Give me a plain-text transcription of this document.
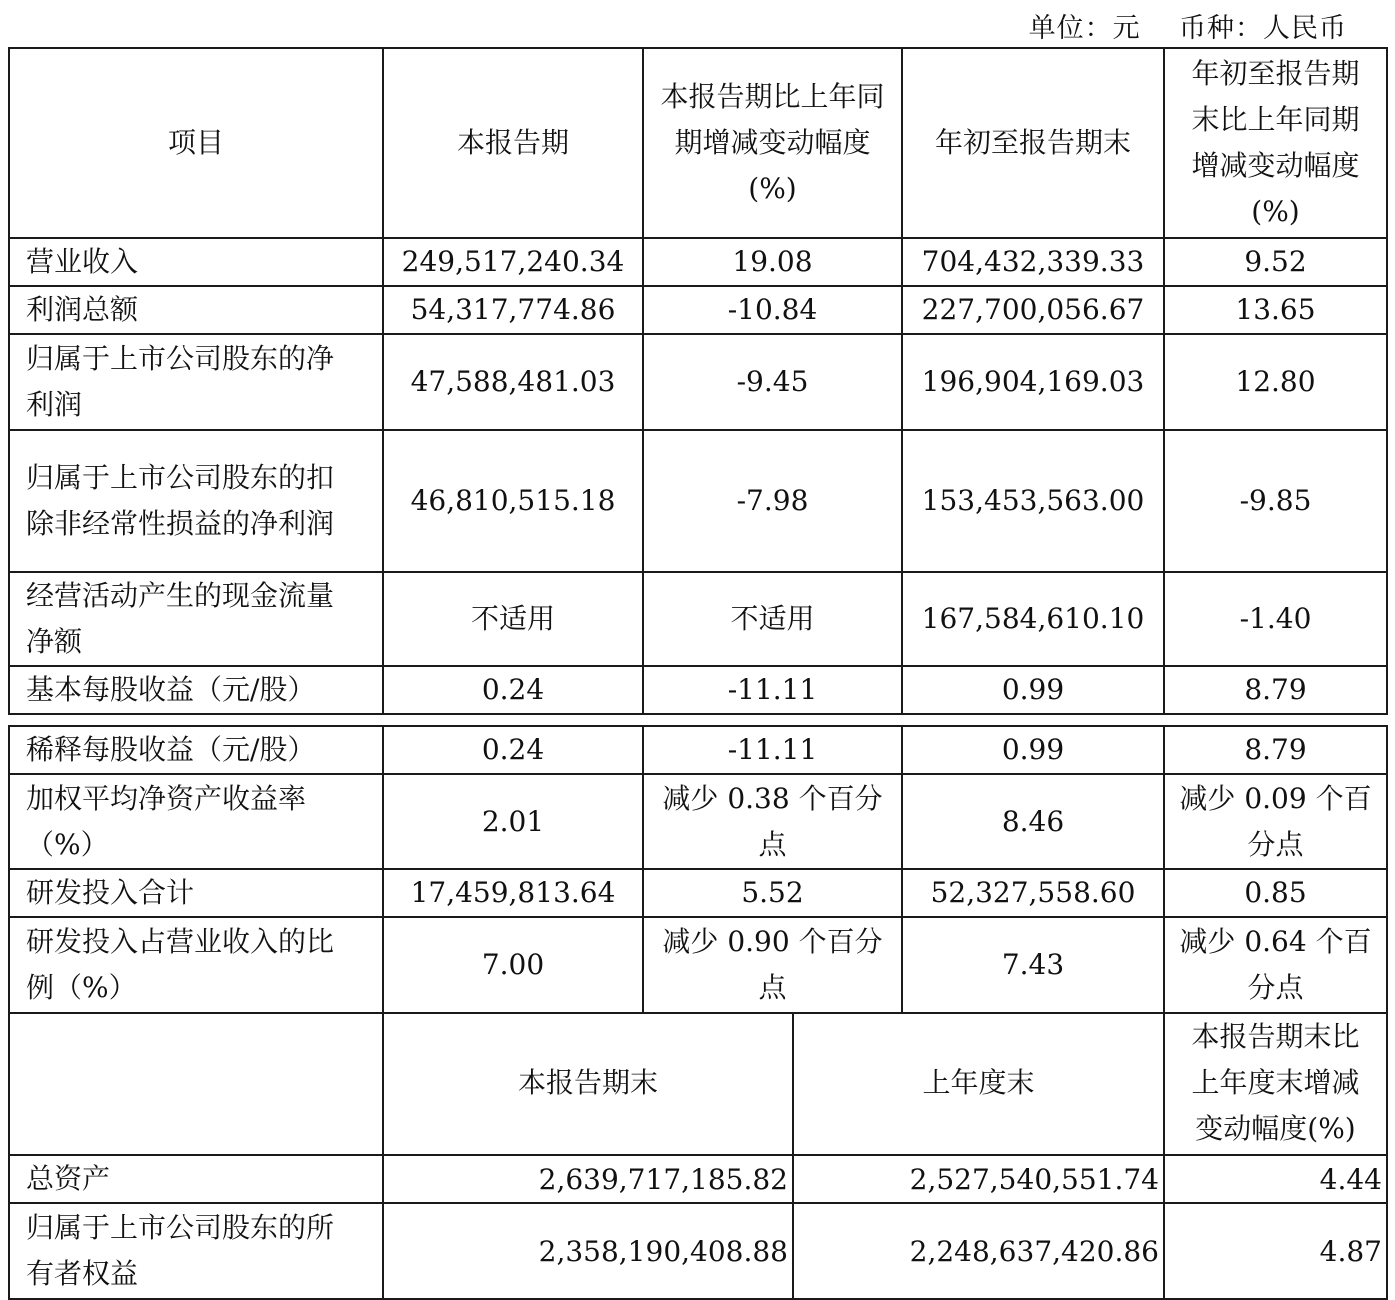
单位：元    币种：人民币
项目	本报告期	本报告期比上年同期增减变动幅度(%)	年初至报告期末	年初至报告期末比上年同期增减变动幅度(%)
营业收入	249,517,240.34	19.08	704,432,339.33	9.52
利润总额	54,317,774.86	-10.84	227,700,056.67	13.65
归属于上市公司股东的净利润	47,588,481.03	-9.45	196,904,169.03	12.80
归属于上市公司股东的扣除非经常性损益的净利润	46,810,515.18	-7.98	153,453,563.00	-9.85
经营活动产生的现金流量净额	不适用	不适用	167,584,610.10	-1.40
基本每股收益（元/股）	0.24	-11.11	0.99	8.79
稀释每股收益（元/股）	0.24	-11.11	0.99	8.79
加权平均净资产收益率（%）	2.01	减少 0.38 个百分点	8.46	减少 0.09 个百分点
研发投入合计	17,459,813.64	5.52	52,327,558.60	0.85
研发投入占营业收入的比例（%）	7.00	减少 0.90 个百分点	7.43	减少 0.64 个百分点
	本报告期末	上年度末	本报告期末比上年度末增减变动幅度(%)
总资产	2,639,717,185.82	2,527,540,551.74	4.44
归属于上市公司股东的所有者权益	2,358,190,408.88	2,248,637,420.86	4.87
